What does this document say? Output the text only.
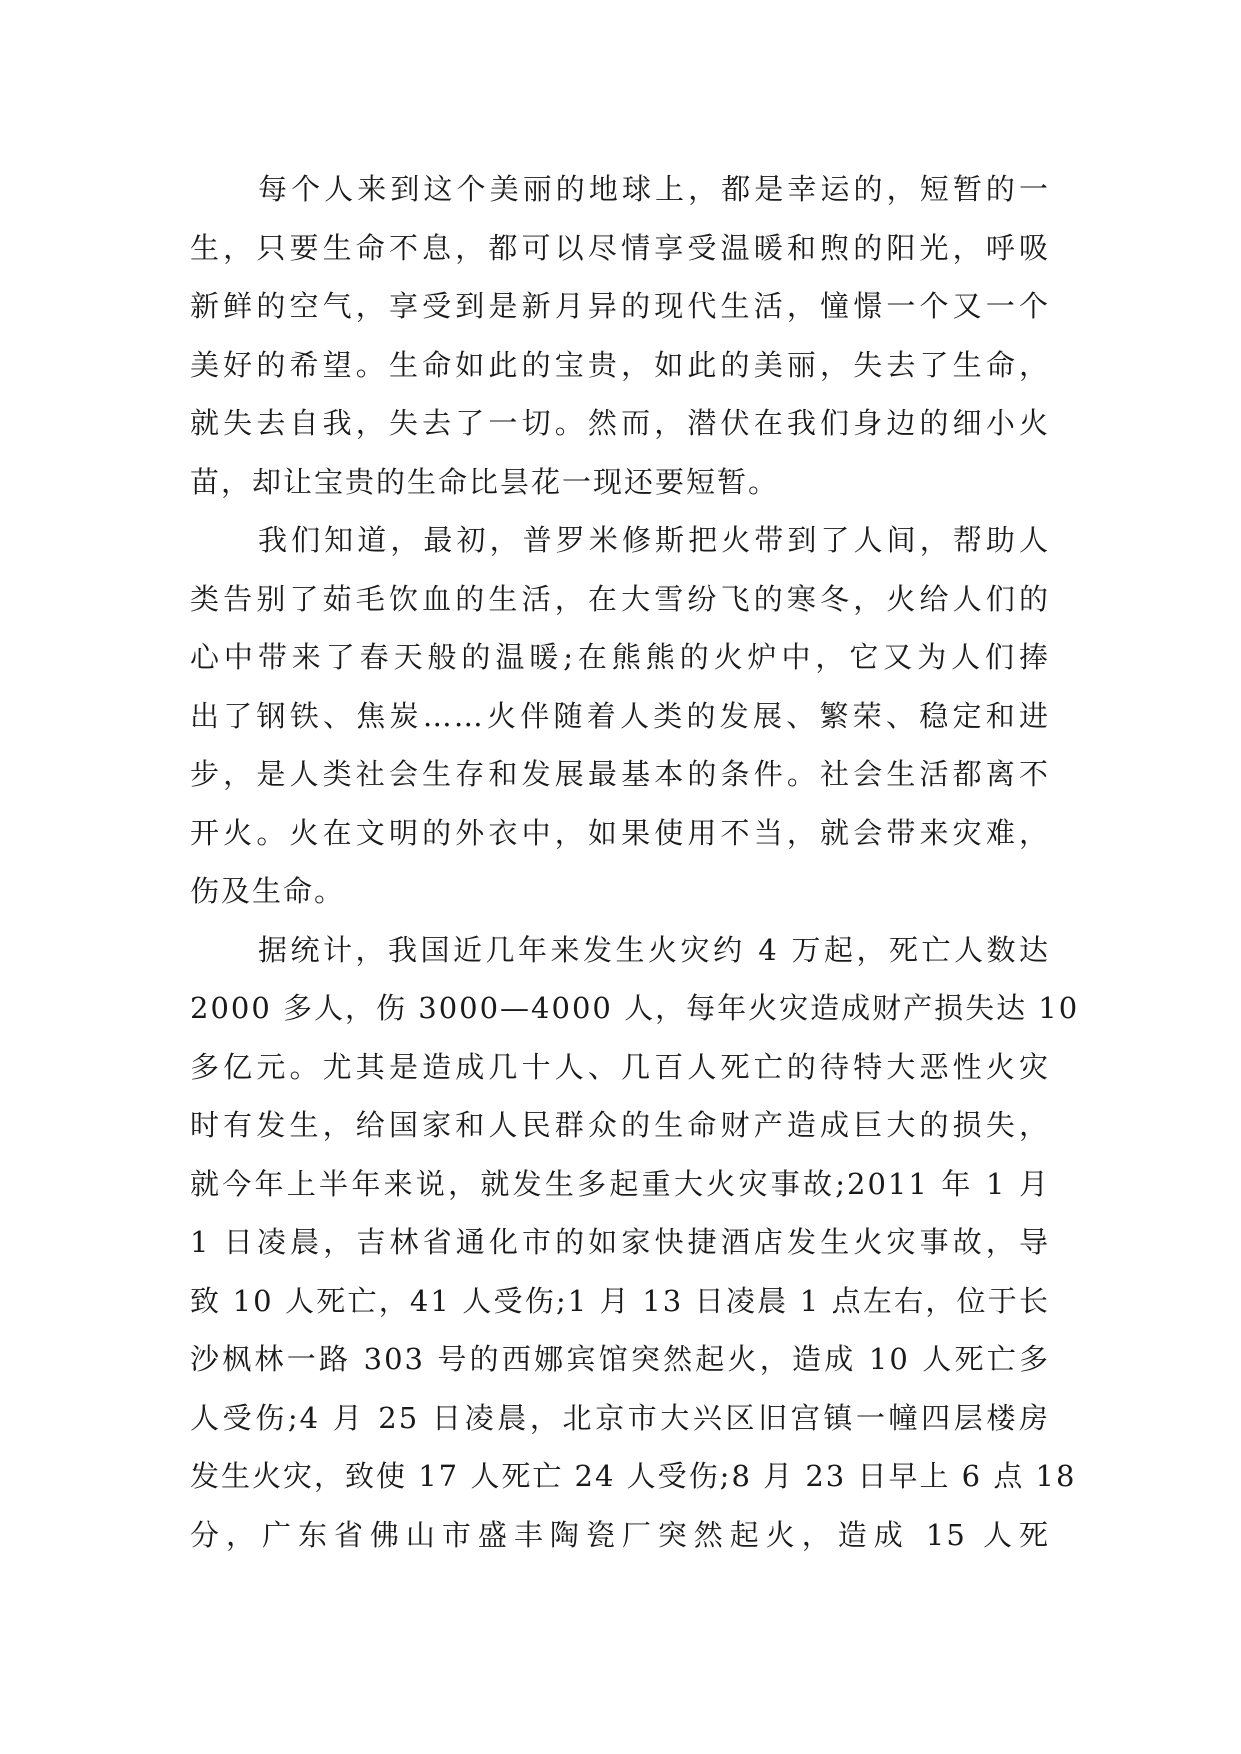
每个人来到这个美丽的地球上，都是幸运的，短暂的一
生，只要生命不息，都可以尽情享受温暖和煦的阳光，呼吸
新鲜的空气，享受到是新月异的现代生活，憧憬一个又一个
美好的希望。生命如此的宝贵，如此的美丽，失去了生命，
就失去自我，失去了一切。然而，潜伏在我们身边的细小火
苗，却让宝贵的生命比昙花一现还要短暂。
我们知道，最初，普罗米修斯把火带到了人间，帮助人
类告别了茹毛饮血的生活，在大雪纷飞的寒冬，火给人们的
心中带来了春天般的温暖;在熊熊的火炉中，它又为人们捧
出了钢铁、焦炭……火伴随着人类的发展、繁荣、稳定和进
步，是人类社会生存和发展最基本的条件。社会生活都离不
开火。火在文明的外衣中，如果使用不当，就会带来灾难，
伤及生命。
据统计，我国近几年来发生火灾约 4 万起，死亡人数达
2000 多人，伤 3000—4000 人，每年火灾造成财产损失达 10
多亿元。尤其是造成几十人、几百人死亡的待特大恶性火灾
时有发生，给国家和人民群众的生命财产造成巨大的损失，
就今年上半年来说，就发生多起重大火灾事故;2011 年 1 月
1 日凌晨，吉林省通化市的如家快捷酒店发生火灾事故，导
致 10 人死亡，41 人受伤;1 月 13 日凌晨 1 点左右，位于长
沙枫林一路 303 号的西娜宾馆突然起火，造成 10 人死亡多
人受伤;4 月 25 日凌晨，北京市大兴区旧宫镇一幢四层楼房
发生火灾，致使 17 人死亡 24 人受伤;8 月 23 日早上 6 点 18
分，广东省佛山市盛丰陶瓷厂突然起火，造成 15 人死
